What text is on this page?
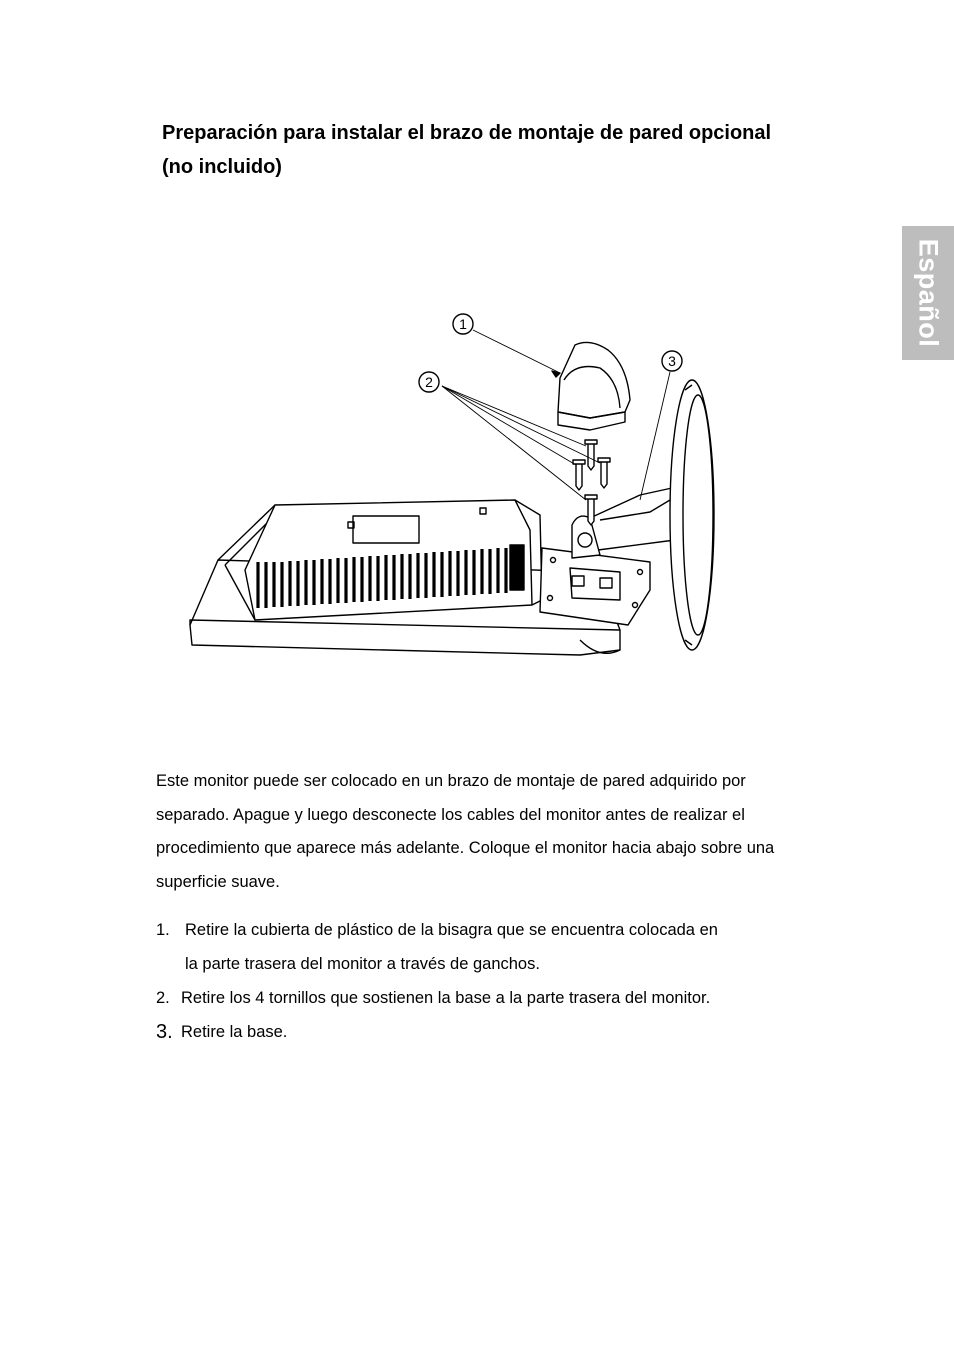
Preparación para instalar el brazo de montaje de pared opcional (no incluido)
Español
1
2
3

Este monitor puede ser colocado en un brazo de montaje de pared adquirido por separado. Apague y luego desconecte los cables del monitor antes de realizar el procedimiento que aparece más adelante. Coloque el monitor hacia abajo sobre una superficie suave.

1. Retire la cubierta de plástico de la bisagra que se encuentra colocada en
la parte trasera del monitor a través de ganchos.
2. Retire los 4 tornillos que sostienen la base a la parte trasera del monitor.
3. Retire la base.
